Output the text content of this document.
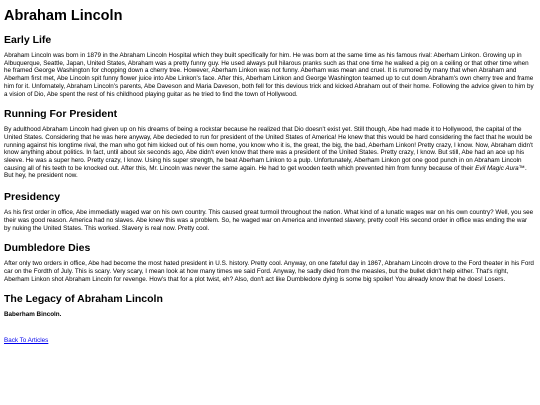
Abraham Lincoln
Early Life

Abraham Lincoln was born in 1879 in the Abraham Lincoln Hospital which they built specifically for him. He was born at the same time as his famous rival: Aberham Linkon. Growing up in Albuquerque, Seattle, Japan, United States, Abraham was a pretty funny guy. He used always pull hilarous pranks such as that one time he walked a pig on a ceiling or that other time when he framed George Washington for chopping down a cherry tree. However, Aberham Linkon was not funny. Aberham was mean and cruel. It is rumored by many that when Abraham and Aberham first met, Abe Lincoln spit funny flower juice into Abe Linkon's face. After this, Aberham Linkon and George Washington teamed up to cut down Abraham's own cherry tree and frame him for it. Unfornately, Abraham Lincoln's parents, Abe Daveson and Maria Daveson, both fell for this devious trick and kicked Abraham out of their home. Following the advice given to him by a vision of Dio, Abe spent the rest of his childhood playing guitar as he tried to find the town of Hollywood.

Running For President

By adulthood Abraham Lincoln had given up on his dreams of being a rockstar because he realized that Dio doesn't exist yet. Still though, Abe had made it to Hollywood, the capital of the United States. Considering that he was here anyway, Abe decieded to run for president of the United States of America! He knew that this would be hard considering the fact that he would be running against his longtime rival, the man who got him kicked out of his own home, you know who it is, the great, the big, the bad, Aberham Linkon! Pretty crazy, I know. Now, Abraham didn't know anything about politics. In fact, until about six seconds ago, Abe didn't even know that there was a president of the United States. Pretty crazy, I know. But still, Abe had an ace up his sleeve. He was a super hero. Pretty crazy, I know. Using his super strength, he beat Aberham Linkon to a pulp. Unfortunately, Aberham Linkon got one good punch in on Abraham Lincoln causing all of his teeth to be knocked out. After this, Mr. Lincoln was never the same again. He had to get wooden teeth which prevented him from funny because of their Evil Magic Aura™. But hey, he president now.

Presidency

As his first order in office, Abe immediatly waged war on his own country. This caused great turmoil throughout the nation. What kind of a lunatic wages war on his own country? Well, you see their was good reason. America had no slaves. Abe knew this was a problem. So, he waged war on America and invented slavery, pretty cool! His second order in office was ending the war by nuking the United States. This worked. Slavery is real now. Pretty cool.

Dumbledore Dies

After only two orders in office, Abe had become the most hated president in U.S. history. Pretty cool. Anyway, on one fateful day in 1867, Abraham Lincoln drove to the Ford theater in his Ford car on the Fordth of July. This is scary. Very scary, I mean look at how many times we said Ford. Anyway, he sadly died from the measles, but the bullet didn't help either. That's right, Aberham Linkon shot Abraham Lincoln for revenge. How's that for a plot twist, eh? Also, don't act like Dumbledore dying is some big spoiler! You already know that he does! Losers.

The Legacy of Abraham Lincoln
Baberham Bincoln.
Back To Articles
